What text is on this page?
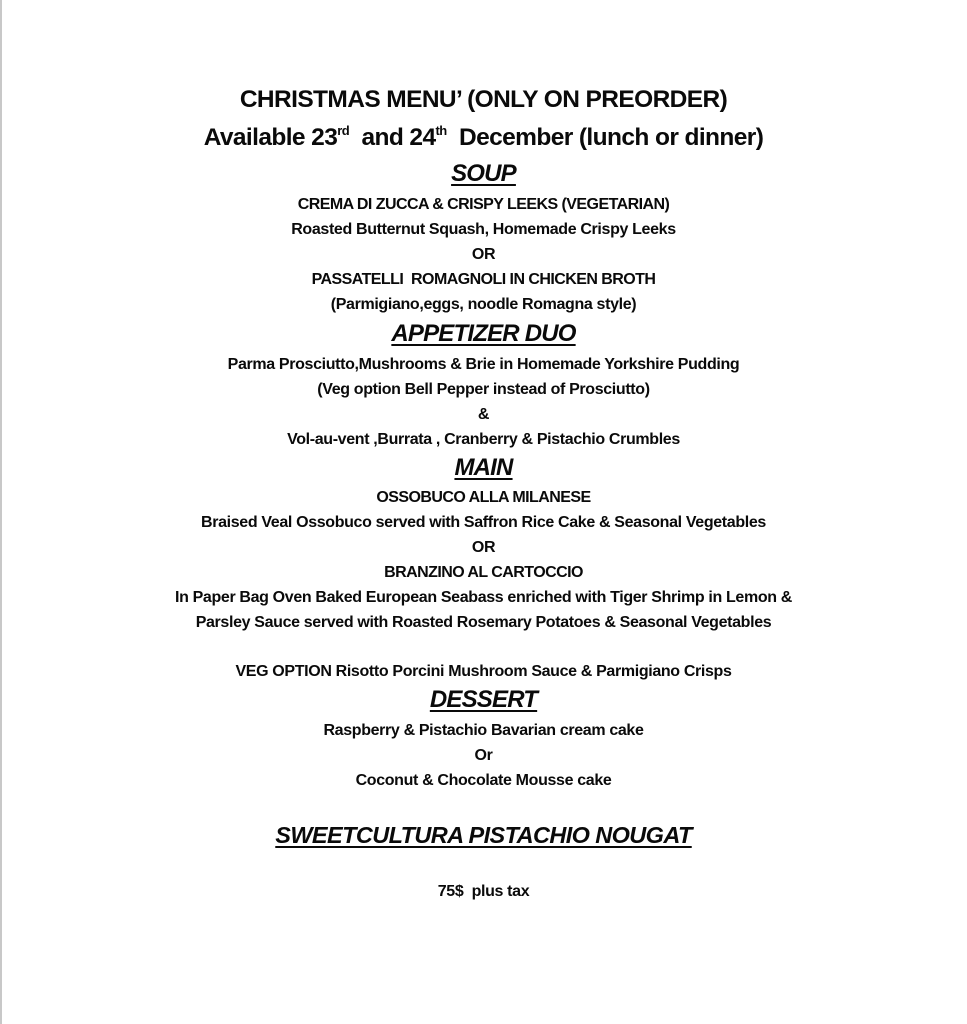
CHRISTMAS MENU’ (ONLY ON PREORDER)
Available 23rd  and 24th  December (lunch or dinner)
SOUP
CREMA DI ZUCCA & CRISPY LEEKS (VEGETARIAN)
Roasted Butternut Squash, Homemade Crispy Leeks
OR
PASSATELLI  ROMAGNOLI IN CHICKEN BROTH
(Parmigiano,eggs, noodle Romagna style)
APPETIZER DUO
Parma Prosciutto,Mushrooms & Brie in Homemade Yorkshire Pudding
(Veg option Bell Pepper instead of Prosciutto)
&
Vol-au-vent ,Burrata , Cranberry & Pistachio Crumbles
MAIN
OSSOBUCO ALLA MILANESE
Braised Veal Ossobuco served with Saffron Rice Cake & Seasonal Vegetables
OR
BRANZINO AL CARTOCCIO
In Paper Bag Oven Baked European Seabass enriched with Tiger Shrimp in Lemon &
Parsley Sauce served with Roasted Rosemary Potatoes & Seasonal Vegetables
VEG OPTION Risotto Porcini Mushroom Sauce & Parmigiano Crisps
DESSERT
Raspberry & Pistachio Bavarian cream cake
Or
Coconut & Chocolate Mousse cake
SWEETCULTURA PISTACHIO NOUGAT
75$  plus tax
